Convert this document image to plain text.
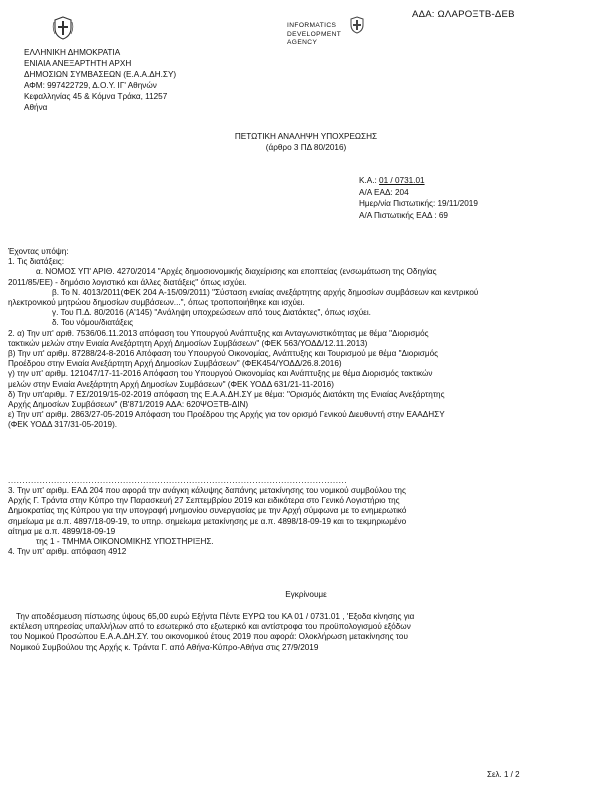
ΑΔΑ: ΩΛΑΡΟΞΤΒ-ΔΕΒ
INFORMATICS
DEVELOPMENT
AGENCY
ΕΛΛΗΝΙΚΗ ΔΗΜΟΚΡΑΤΙΑ
ΕΝΙΑΙΑ ΑΝΕΞΑΡΤΗΤΗ ΑΡΧΗ
ΔΗΜΟΣΙΩΝ ΣΥΜΒΑΣΕΩΝ (Ε.Α.Α.ΔΗ.ΣΥ)
ΑΦΜ: 997422729, Δ.Ο.Υ. ΙΓ' Αθηνών
Κεφαλληνίας 45 & Κόμνα Τράκα, 11257
Αθήνα
ΠΕΤΩΤΙΚΗ ΑΝΑΛΗΨΗ ΥΠΟΧΡΕΩΣΗΣ
(άρθρο 3 ΠΔ 80/2016)
Κ.Α.: 01 / 0731.01
Α/Α ΕΑΔ: 204
Ημερ/νία Πιστωτικής: 19/11/2019
Α/Α Πιστωτικής ΕΑΔ : 69
Έχοντας υπόψη:
1. Τις διατάξεις:
α. ΝΟΜΟΣ ΥΠ' ΑΡΙΘ. 4270/2014 "Αρχές δημοσιονομικής διαχείρισης και εποπτείας (ενσωμάτωση της Οδηγίας
2011/85/ΕΕ) - δημόσιο λογιστικό και άλλες διατάξεις" όπως ισχύει.
β. Το Ν. 4013/2011(ΦΕΚ 204 Α-15/09/2011) "Σύσταση ενιαίας ανεξάρτητης αρχής δημοσίων συμβάσεων και κεντρικού
ηλεκτρονικού μητρώου δημοσίων συμβάσεων...", όπως τροποποιήθηκε και ισχύει.
γ. Του Π.Δ. 80/2016 (Α'145) "Ανάληψη υποχρεώσεων από τους Διατάκτες", όπως ισχύει.
δ. Του νόμου/διατάξεις
2. α) Την υπ' αριθ. 7536/06.11.2013 απόφαση του Υπουργού Ανάπτυξης και Ανταγωνιστικότητας με θέμα "Διορισμός
τακτικών μελών στην Ενιαία Ανεξάρτητη Αρχή Δημοσίων Συμβάσεων" (ΦΕΚ 563/ΥΟΔΔ/12.11.2013)
β) Την υπ' αριθμ. 87288/24-8-2016 Απόφαση του Υπουργού Οικονομίας, Ανάπτυξης και Τουρισμού με θέμα "Διορισμός
Προέδρου στην Ενιαία Ανεξάρτητη Αρχή Δημοσίων Συμβάσεων" (ΦΕΚ454/ΥΟΔΔ/26.8.2016)
γ) την υπ' αριθμ. 121047/17-11-2016 Απόφαση του Υπουργού Οικονομίας και Ανάπτυξης με θέμα Διορισμός τακτικών
μελών στην Ενιαία Ανεξάρτητη Αρχή Δημοσίων Συμβάσεων" (ΦΕΚ ΥΟΔΔ 631/21-11-2016)
δ) Την υπ'αριθμ. 7 ΕΣ/2019/15-02-2019 απόφαση της Ε.Α.Α.ΔΗ.ΣΥ με θέμα: "Ορισμός Διατάκτη της Ενιαίας Ανεξάρτητης
Αρχής Δημοσίων Συμβάσεων" (Β'871/2019 ΑΔΑ: 620ΨΟΞΤΒ-ΔΙΝ)
ε) Την υπ' αριθμ. 2863/27-05-2019 Απόφαση του Προέδρου της Αρχής για τον ορισμό Γενικού Διευθυντή στην ΕΑΑΔΗΣΥ
(ΦΕΚ ΥΟΔΔ 317/31-05-2019).
......................................................................................................................
3. Την υπ' αριθμ. ΕΑΔ 204 που αφορά την ανάγκη κάλυψης δαπάνης μετακίνησης του νομικού συμβούλου της
Αρχής Γ. Τράντα στην Κύπρο την Παρασκευή 27 Σεπτεμβρίου 2019 και ειδικότερα στο Γενικό Λογιστήριο της
Δημοκρατίας της Κύπρου για την υπογραφή μνημονίου συνεργασίας με την Αρχή σύμφωνα με το ενημερωτικό
σημείωμα με α.π. 4897/18-09-19, το υπηρ. σημείωμα μετακίνησης με α.π. 4898/18-09-19 και το τεκμηριωμένο
αίτημα με α.π. 4899/18-09-19
της 1 - ΤΜΗΜΑ ΟΙΚΟΝΟΜΙΚΗΣ ΥΠΟΣΤΗΡΙΞΗΣ.
4. Την υπ' αριθμ. απόφαση 4912
Εγκρίνουμε
Την αποδέσμευση πίστωσης ύψους 65,00 ευρώ Εξήντα Πέντε ΕΥΡΩ του ΚΑ 01 / 0731.01 , 'Εξοδα κίνησης για
εκτέλεση υπηρεσίας υπαλλήλων από το εσωτερικό στο εξωτερικό και αντίστροφα του προϋπολογισμού εξόδων
του Νομικού Προσώπου Ε.Α.Α.ΔΗ.ΣΥ. του οικονομικού έτους 2019 που αφορά: Ολοκλήρωση μετακίνησης του
Νομικού Συμβούλου της Αρχής κ. Τράντα Γ. από Αθήνα-Κύπρο-Αθήνα στις 27/9/2019
Σελ. 1 / 2
